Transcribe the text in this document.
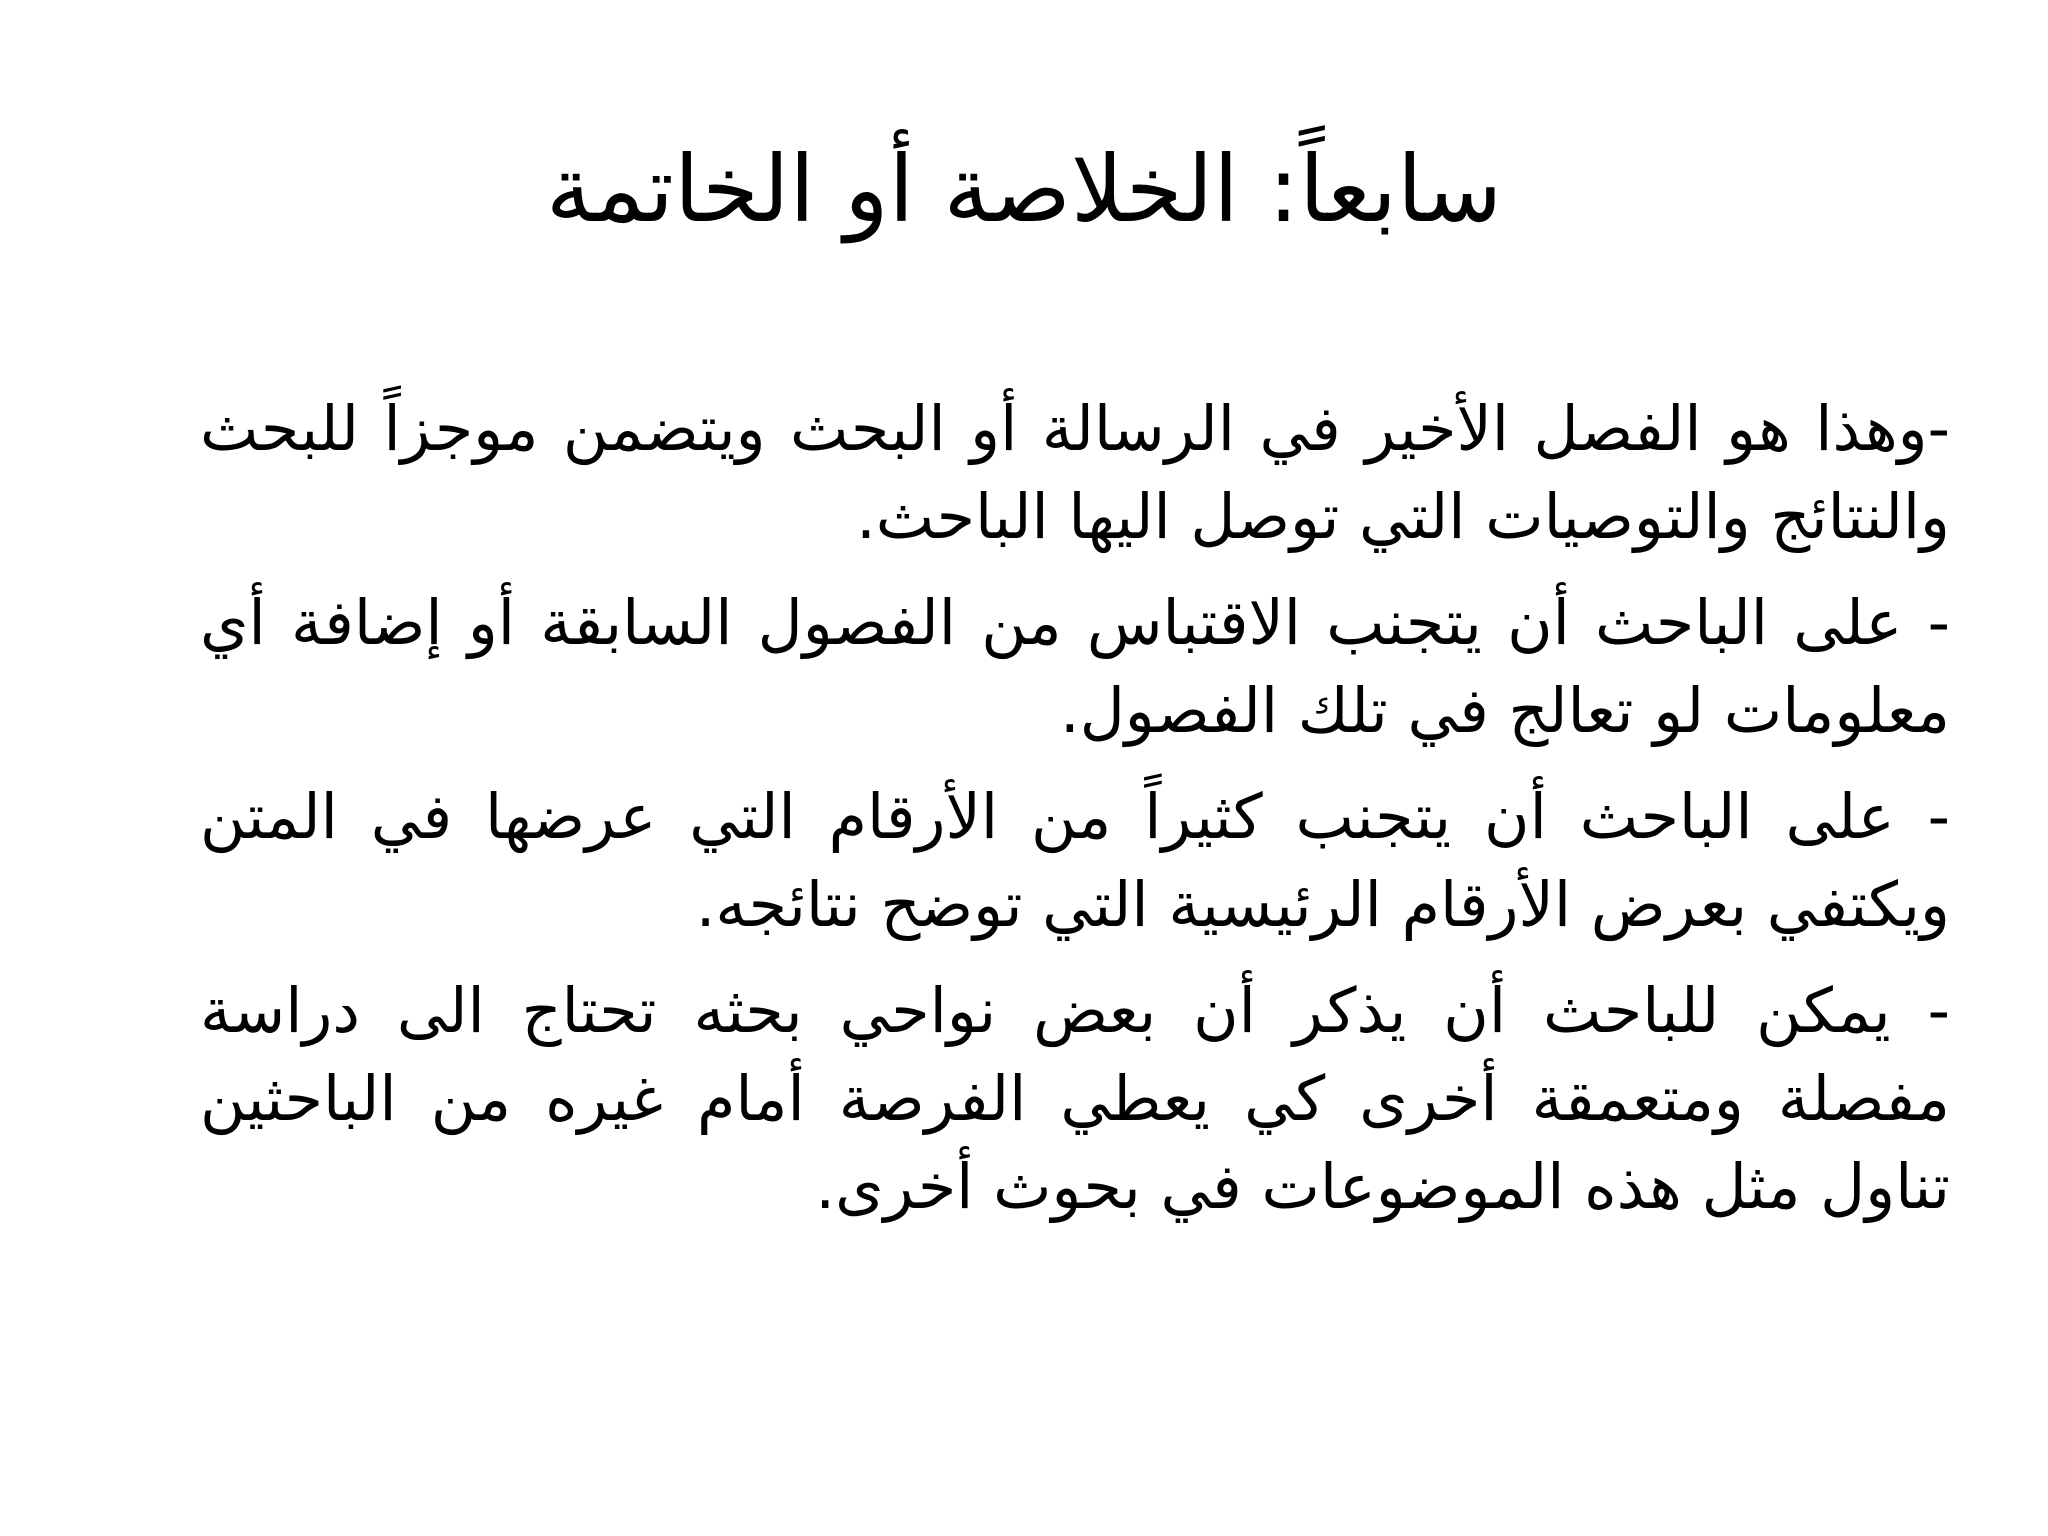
سابعاً: الخلاصة أو الخاتمة

-وهذا هو الفصل الأخير في الرسالة أو البحث ويتضمن موجزاً للبحث والنتائج والتوصيات التي توصل اليها الباحث.

- على الباحث أن يتجنب الاقتباس من الفصول السابقة أو إضافة أي معلومات لو تعالج في تلك الفصول.

- على الباحث أن يتجنب كثيراً من الأرقام التي عرضها في المتن ويكتفي بعرض الأرقام الرئيسية التي توضح نتائجه.

- يمكن للباحث أن يذكر أن بعض نواحي بحثه تحتاج الى دراسة مفصلة ومتعمقة أخرى كي يعطي الفرصة أمام غيره من الباحثين تناول مثل هذه الموضوعات في بحوث أخرى.
